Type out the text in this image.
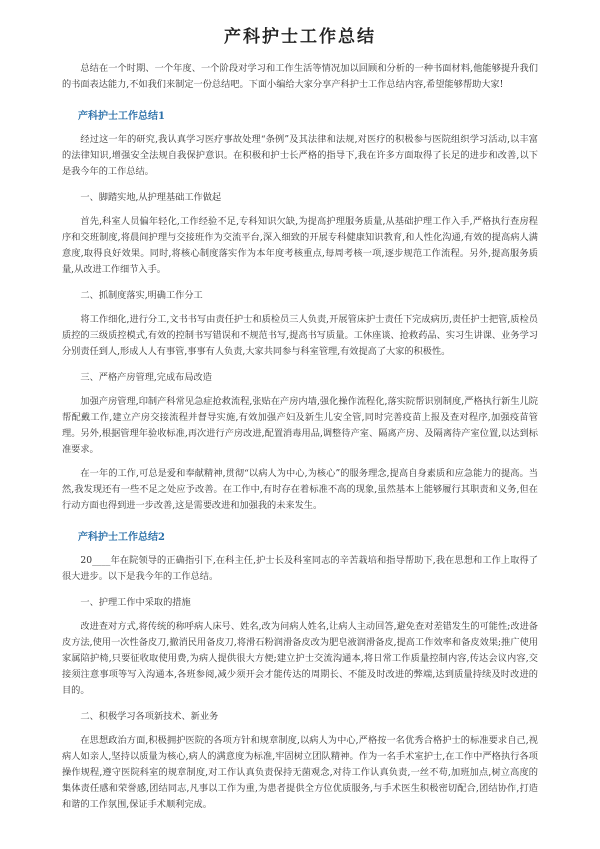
产科护士工作总结

总结在一个时期、一个年度、一个阶段对学习和工作生活等情况加以回顾和分析的一种书面材料,他能够提升我们的书面表达能力,不如我们来制定一份总结吧。下面小编给大家分享产科护士工作总结内容,希望能够帮助大家!

产科护士工作总结1

经过这一年的研究,我认真学习医疗事故处理“条例”及其法律和法规,对医疗的积极参与医院组织学习活动,以丰富的法律知识,增强安全法规自我保护意识。在积极和护士长严格的指导下,我在许多方面取得了长足的进步和改善,以下是我今年的工作总结。

一、脚踏实地,从护理基础工作做起

首先,科室人员偏年轻化,工作经验不足,专科知识欠缺,为提高护理服务质量,从基础护理工作入手,严格执行查房程序和交班制度,将晨间护理与交接班作为交流平台,深入细致的开展专科健康知识教育,和人性化沟通,有效的提高病人满意度,取得良好效果。同时,将核心制度落实作为本年度考核重点,每周考核一项,逐步规范工作流程。另外,提高服务质量,从改进工作细节入手。

二、抓制度落实,明确工作分工

将工作细化,进行分工,文书书写由责任护士和质检员三人负责,开展管床护士责任下完成病历,责任护士把管,质检员质控的三级质控模式,有效的控制书写错误和不规范书写,提高书写质量。工休座谈、抢救药品、实习生讲课、业务学习分别责任到人,形成人人有事管,事事有人负责,大家共同参与科室管理,有效提高了大家的积极性。

三、严格产房管理,完成布局改造

加强产房管理,印制产科常见急症抢救流程,张贴在产房内墙,强化操作流程化,落实院帮识别制度,严格执行新生儿院帮配戴工作,建立产房交接流程并督导实施,有效加强产妇及新生儿安全管,同时完善疫苗上报及查对程序,加强疫苗管理。另外,根据管理年验收标准,再次进行产房改进,配置消毒用品,调整待产室、隔离产房、及隔离待产室位置,以达到标准要求。

在一年的工作,可总是爱和奉献精神,贯彻“以病人为中心,为核心”的服务理念,提高自身素质和应急能力的提高。当然,我发现还有一些不足之处应予改善。在工作中,有时存在着标准不高的现象,虽然基本上能够履行其职责和义务,但在行动方面也得到进一步改善,这是需要改进和加强我的未来发生。

产科护士工作总结2

20____年在院领导的正确指引下,在科主任,护士长及科室同志的辛苦栽培和指导帮助下,我在思想和工作上取得了很大进步。以下是我今年的工作总结。

一、护理工作中采取的措施

改进查对方式,将传统的称呼病人床号、姓名,改为问病人姓名,让病人主动回答,避免查对差错发生的可能性;改进备皮方法,使用一次性备皮刀,撤消民用备皮刀,将滑石粉润滑备皮改为肥皂液润滑备皮,提高工作效率和备皮效果;推广使用家属陪护椅,只要征收取使用费,为病人提供很大方便;建立护士交流沟通本,将日常工作质量控制内容,传达会议内容,交接须注意事项等写入沟通本,各班参阅,减少须开会才能传达的周期长、不能及时改进的弊端,达到质量持续及时改进的目的。

二、积极学习各项新技术、新业务

在思想政治方面,积极拥护医院的各项方针和规章制度,以病人为中心,严格按一名优秀合格护士的标准要求自己,视病人如亲人,坚持以质量为核心,病人的满意度为标准,牢固树立团队精神。作为一名手术室护士,在工作中严格执行各项操作规程,遵守医院科室的规章制度,对工作认真负责保持无菌观念,对待工作认真负责,一丝不苟,加班加点,树立高度的集体责任感和荣誉感,团结同志,凡事以工作为重,为患者提供全方位优质服务,与手术医生积极密切配合,团结协作,打造和谐的工作氛围,保证手术顺利完成。
